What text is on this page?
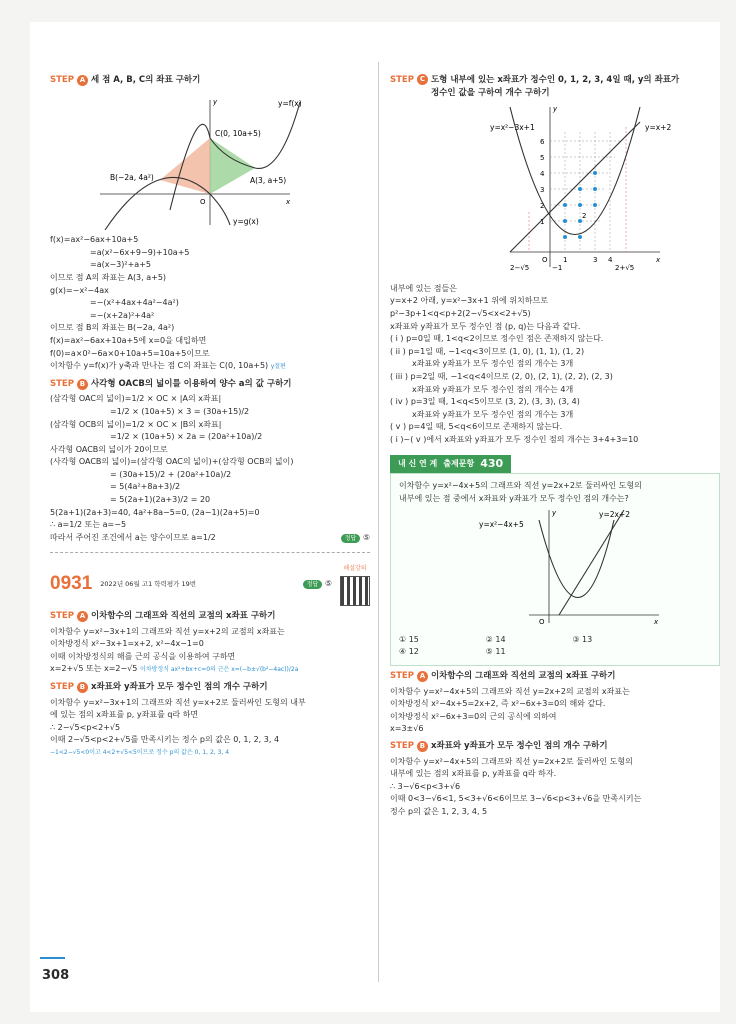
308
STEP A 세 점 A, B, C의 좌표 구하기
y
x
y=f(x)
y=g(x)
C(0, 10a+5)
B(−2a, 4a²)	A(3, a+5)
O
f(x)=ax²−6ax+10a+5
=a(x²−6x+9−9)+10a+5
=a(x−3)²+a+5
이므로 점 A의 좌표는 A(3, a+5)
g(x)=−x²−4ax
=−(x²+4ax+4a²−4a²)
=−(x+2a)²+4a²
이므로 점 B의 좌표는 B(−2a, 4a²)
f(x)=ax²−6ax+10a+5에 x=0을 대입하면
f(0)=a×0²−6a×0+10a+5=10a+5이므로
이차함수 y=f(x)가 y축과 만나는 점 C의 좌표는 C(0, 10a+5) y절편
STEP B 사각형 OACB의 넓이를 이용하여 양수 a의 값 구하기
(삼각형 OAC의 넓이)=1/2 × OC × |A의 x좌표|
=1/2 × (10a+5) × 3 = (30a+15)/2
(삼각형 OCB의 넓이)=1/2 × OC × |B의 x좌표|
=1/2 × (10a+5) × 2a = (20a²+10a)/2
사각형 OACB의 넓이가 20이므로
(사각형 OACB의 넓이)=(삼각형 OAC의 넓이)+(삼각형 OCB의 넓이)
= (30a+15)/2 + (20a²+10a)/2
= 5(4a²+8a+3)/2
= 5(2a+1)(2a+3)/2 = 20
5(2a+1)(2a+3)=40, 4a²+8a−5=0, (2a−1)(2a+5)=0
∴ a=1/2 또는 a=−5
따라서 주어진 조건에서 a는 양수이므로 a=1/2	정답 ⑤
0931 2022년 06월 고1 학력평가 19번	정답 ⑤
해설강의
STEP A 이차함수의 그래프와 직선의 교점의 x좌표 구하기
이차함수 y=x²−3x+1의 그래프와 직선 y=x+2의 교점의 x좌표는
이차방정식 x²−3x+1=x+2, x²−4x−1=0
이때 이차방정식의 해를 근의 공식을 이용하여 구하면
x=2+√5 또는 x=2−√5 이차방정식 ax²+bx+c=0의 근은 x=(−b±√(b²−4ac))/2a
STEP B x좌표와 y좌표가 모두 정수인 점의 개수 구하기
이차함수 y=x²−3x+1의 그래프와 직선 y=x+2로 둘러싸인 도형의 내부
에 있는 점의 x좌표를 p, y좌표를 q라 하면
∴ 2−√5<p<2+√5
이때 2−√5<p<2+√5를 만족시키는 정수 p의 값은 0, 1, 2, 3, 4
−1<2−√5<0이고 4<2+√5<5이므로 정수 p의 값은 0, 1, 2, 3, 4
STEP C 도형 내부에 있는 x좌표가 정수인 0, 1, 2, 3, 4일 때, y의 좌표가 정수인 값을 구하여 개수 구하기
y=x²−3x+1	y=x+2
y
x
6
5
4
3
2
1
O 1	3 4
2
2−√5	2+√5
−1
내부에 있는 점들은
y=x+2 아래, y=x²−3x+1 위에 위치하므로
p²−3p+1<q<p+2(2−√5<x<2+√5)
x좌표와 y좌표가 모두 정수인 점 (p, q)는 다음과 같다.
( i ) p=0일 때, 1<q<2이므로 정수인 점은 존재하지 않는다.
( ii ) p=1일 때, −1<q<3이므로 (1, 0), (1, 1), (1, 2)
x좌표와 y좌표가 모두 정수인 점의 개수는 3개
( iii ) p=2일 때, −1<q<4이므로 (2, 0), (2, 1), (2, 2), (2, 3)
x좌표와 y좌표가 모두 정수인 점의 개수는 4개
( iv ) p=3일 때, 1<q<5이므로 (3, 2), (3, 3), (3, 4)
x좌표와 y좌표가 모두 정수인 점의 개수는 3개
( v ) p=4일 때, 5<q<6이므로 존재하지 않는다.
( i )~( v )에서 x좌표와 y좌표가 모두 정수인 점의 개수는 3+4+3=10
내 신 연 계 출제문항 430
이차함수 y=x²−4x+5의 그래프와 직선 y=2x+2로 둘러싸인 도형의
내부에 있는 점 중에서 x좌표와 y좌표가 모두 정수인 점의 개수는?
y=2x+2
y=x²−4x+5
y
x
O
① 15	② 14	③ 13
④ 12	⑤ 11
STEP A 이차함수의 그래프와 직선의 교점의 x좌표 구하기
이차함수 y=x²−4x+5의 그래프와 직선 y=2x+2의 교점의 x좌표는
이차방정식 x²−4x+5=2x+2, 즉 x²−6x+3=0의 해와 같다.
이차방정식 x²−6x+3=0의 근의 공식에 의하여
x=3±√6
STEP B x좌표와 y좌표가 모두 정수인 점의 개수 구하기
이차함수 y=x²−4x+5의 그래프와 직선 y=2x+2로 둘러싸인 도형의
내부에 있는 점의 x좌표를 p, y좌표를 q라 하자.
∴ 3−√6<p<3+√6
이때 0<3−√6<1, 5<3+√6<6이므로 3−√6<p<3+√6을 만족시키는
정수 p의 값은 1, 2, 3, 4, 5
